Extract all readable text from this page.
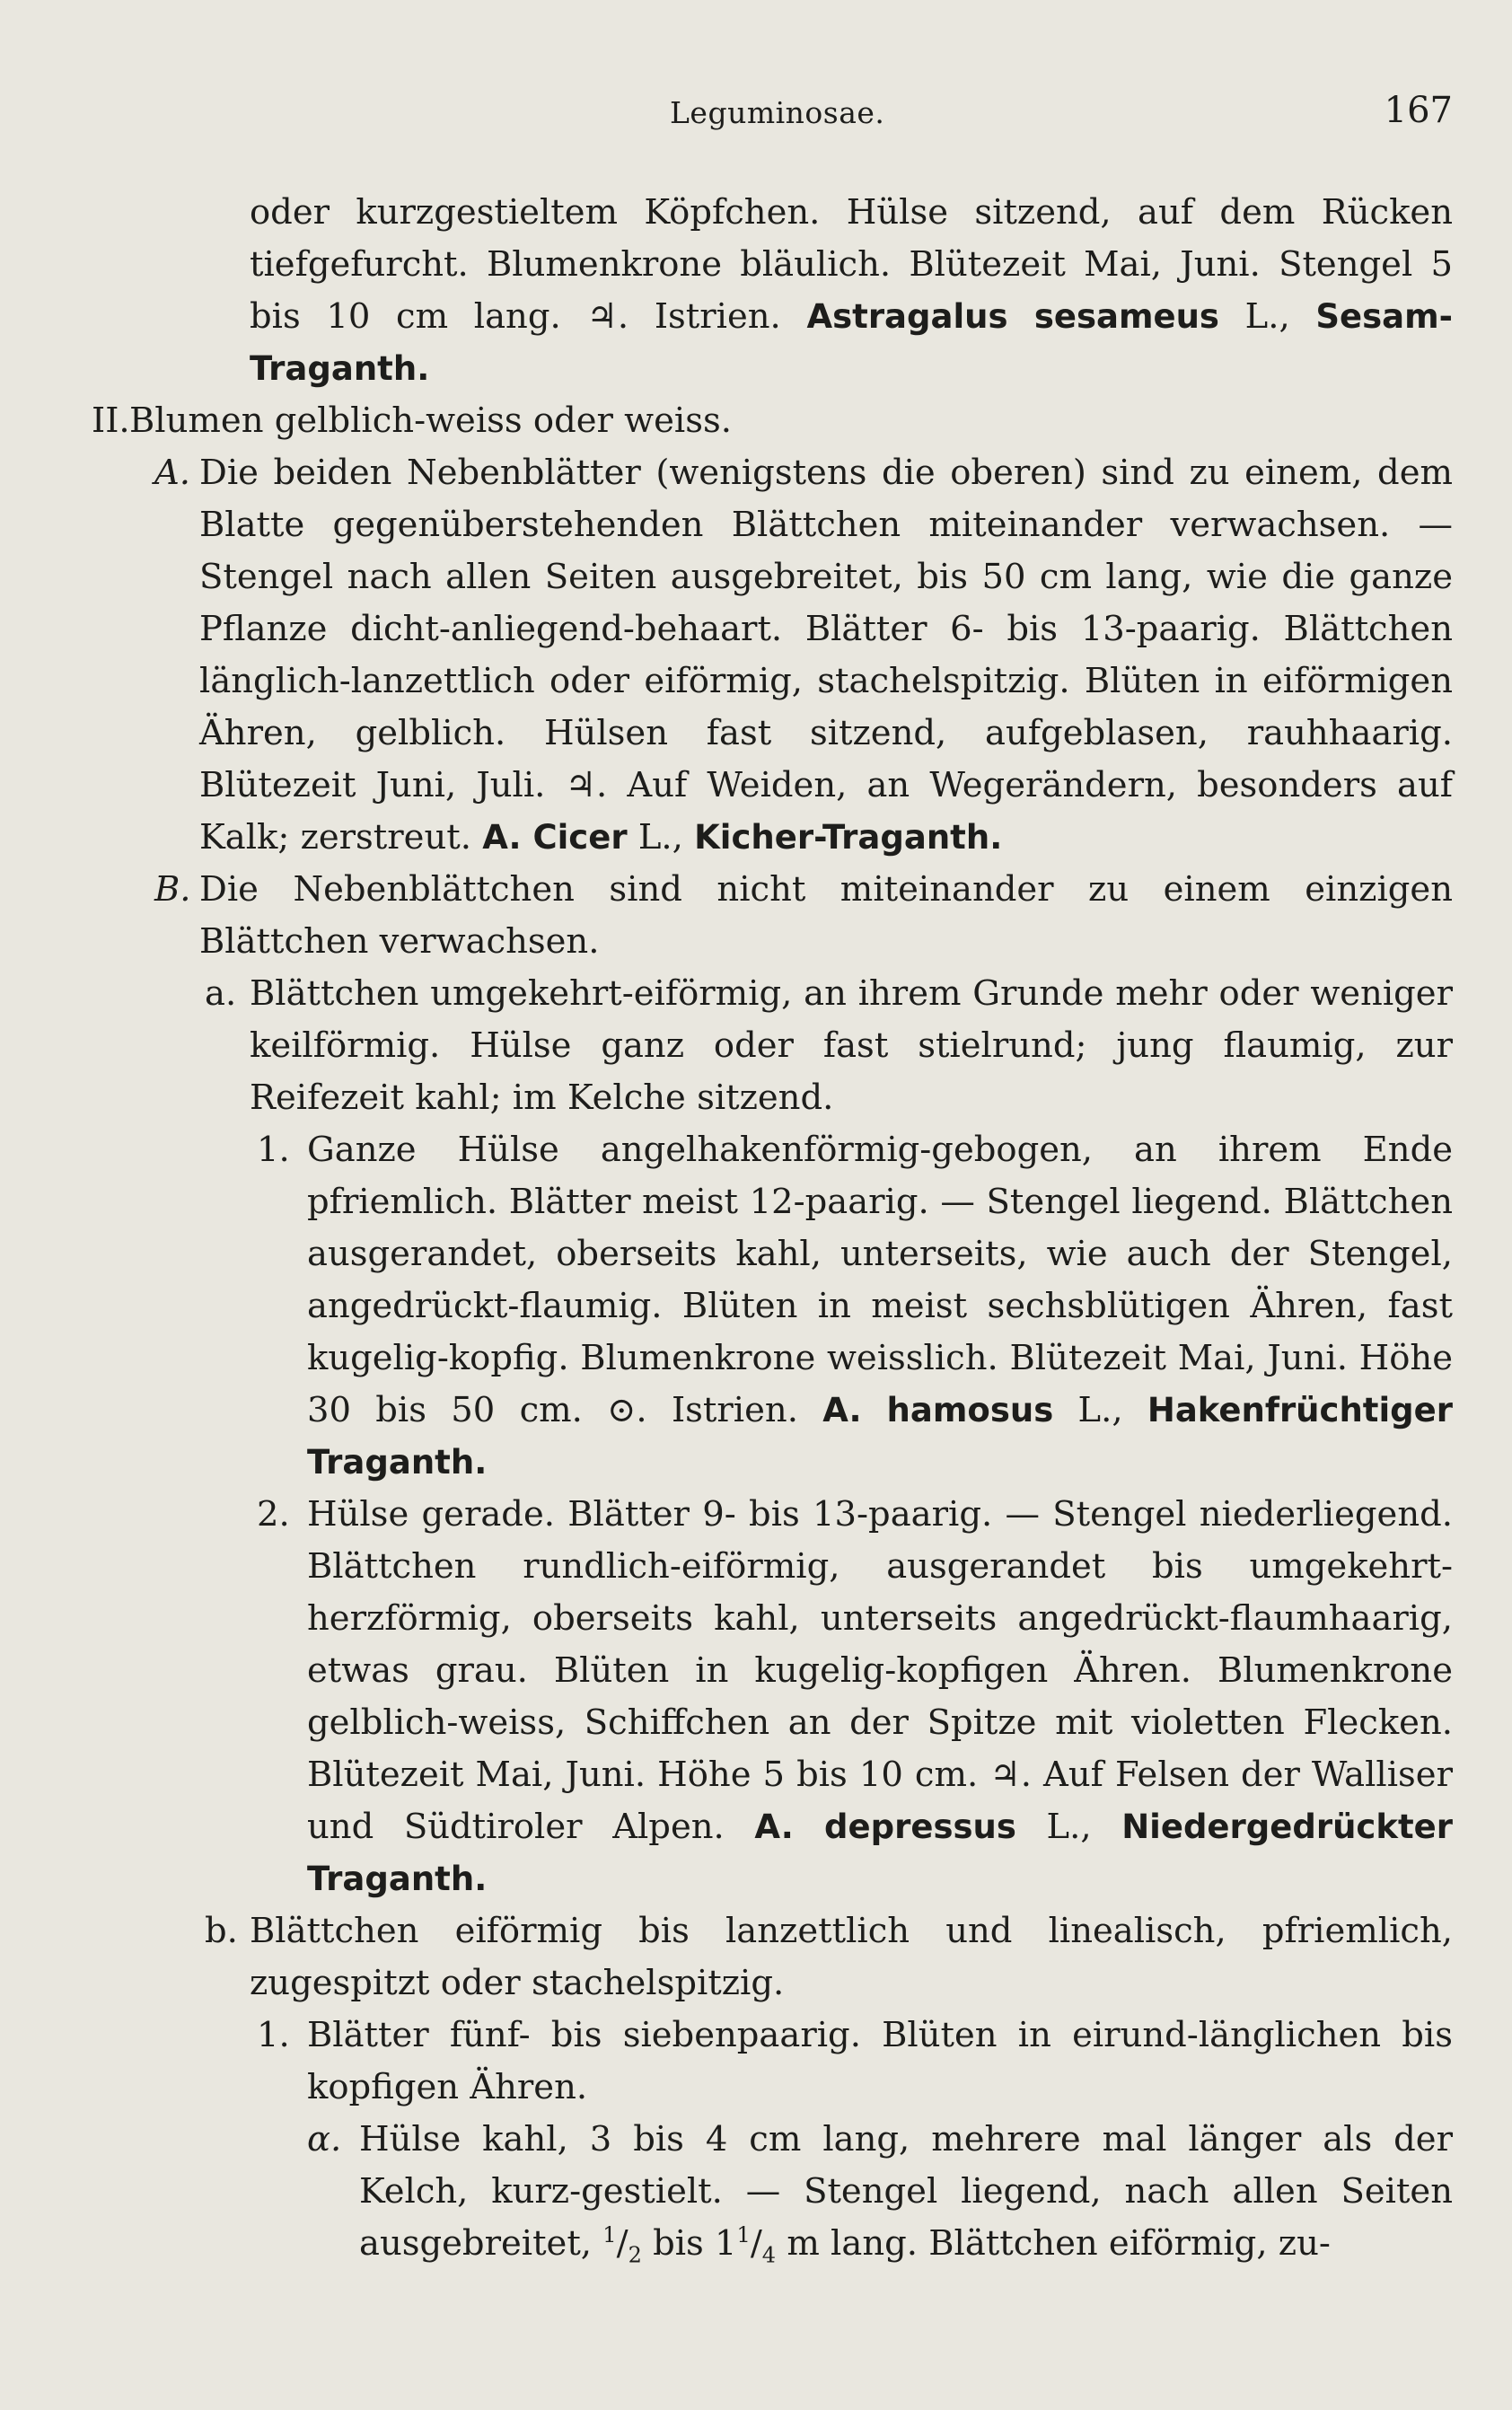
Leguminosae.	167
oder kurzgestieltem Köpfchen. Hülse sitzend, auf dem Rücken tiefgefurcht. Blumenkrone bläulich. Blütezeit Mai, Juni. Stengel 5 bis 10 cm lang. ♃. Istrien. Astragalus sesameus L., Sesam-Traganth.
II. Blumen gelblich-weiss oder weiss.
A. Die beiden Nebenblätter (wenigstens die oberen) sind zu einem, dem Blatte gegenüberstehenden Blättchen miteinander verwachsen. — Stengel nach allen Seiten ausgebreitet, bis 50 cm lang, wie die ganze Pflanze dicht-anliegend-behaart. Blätter 6- bis 13-paarig. Blättchen länglich-lanzettlich oder eiförmig, stachelspitzig. Blüten in eiförmigen Ähren, gelblich. Hülsen fast sitzend, aufgeblasen, rauhhaarig. Blütezeit Juni, Juli. ♃. Auf Weiden, an Wegerändern, besonders auf Kalk; zerstreut. A. Cicer L., Kicher-Traganth.
B. Die Nebenblättchen sind nicht miteinander zu einem einzigen Blättchen verwachsen.
a. Blättchen umgekehrt-eiförmig, an ihrem Grunde mehr oder weniger keilförmig. Hülse ganz oder fast stielrund; jung flaumig, zur Reifezeit kahl; im Kelche sitzend.
1. Ganze Hülse angelhakenförmig-gebogen, an ihrem Ende pfriemlich. Blätter meist 12-paarig. — Stengel liegend. Blättchen ausgerandet, oberseits kahl, unterseits, wie auch der Stengel, angedrückt-flaumig. Blüten in meist sechsblütigen Ähren, fast kugelig-kopfig. Blumenkrone weisslich. Blütezeit Mai, Juni. Höhe 30 bis 50 cm. ⊙. Istrien. A. hamosus L., Hakenfrüchtiger Traganth.
2. Hülse gerade. Blätter 9- bis 13-paarig. — Stengel niederliegend. Blättchen rundlich-eiförmig, ausgerandet bis umgekehrt-herzförmig, oberseits kahl, unterseits angedrückt-flaumhaarig, etwas grau. Blüten in kugelig-kopfigen Ähren. Blumenkrone gelblich-weiss, Schiffchen an der Spitze mit violetten Flecken. Blütezeit Mai, Juni. Höhe 5 bis 10 cm. ♃. Auf Felsen der Walliser und Südtiroler Alpen. A. depressus L., Niedergedrückter Traganth.
b. Blättchen eiförmig bis lanzettlich und linealisch, pfriemlich, zugespitzt oder stachelspitzig.
1. Blätter fünf- bis siebenpaarig. Blüten in eirund-länglichen bis kopfigen Ähren.
α. Hülse kahl, 3 bis 4 cm lang, mehrere mal länger als der Kelch, kurz-gestielt. — Stengel liegend, nach allen Seiten ausgebreitet, $^1/_2$ bis $1^1/_4$ m lang. Blättchen eiförmig, zu-
